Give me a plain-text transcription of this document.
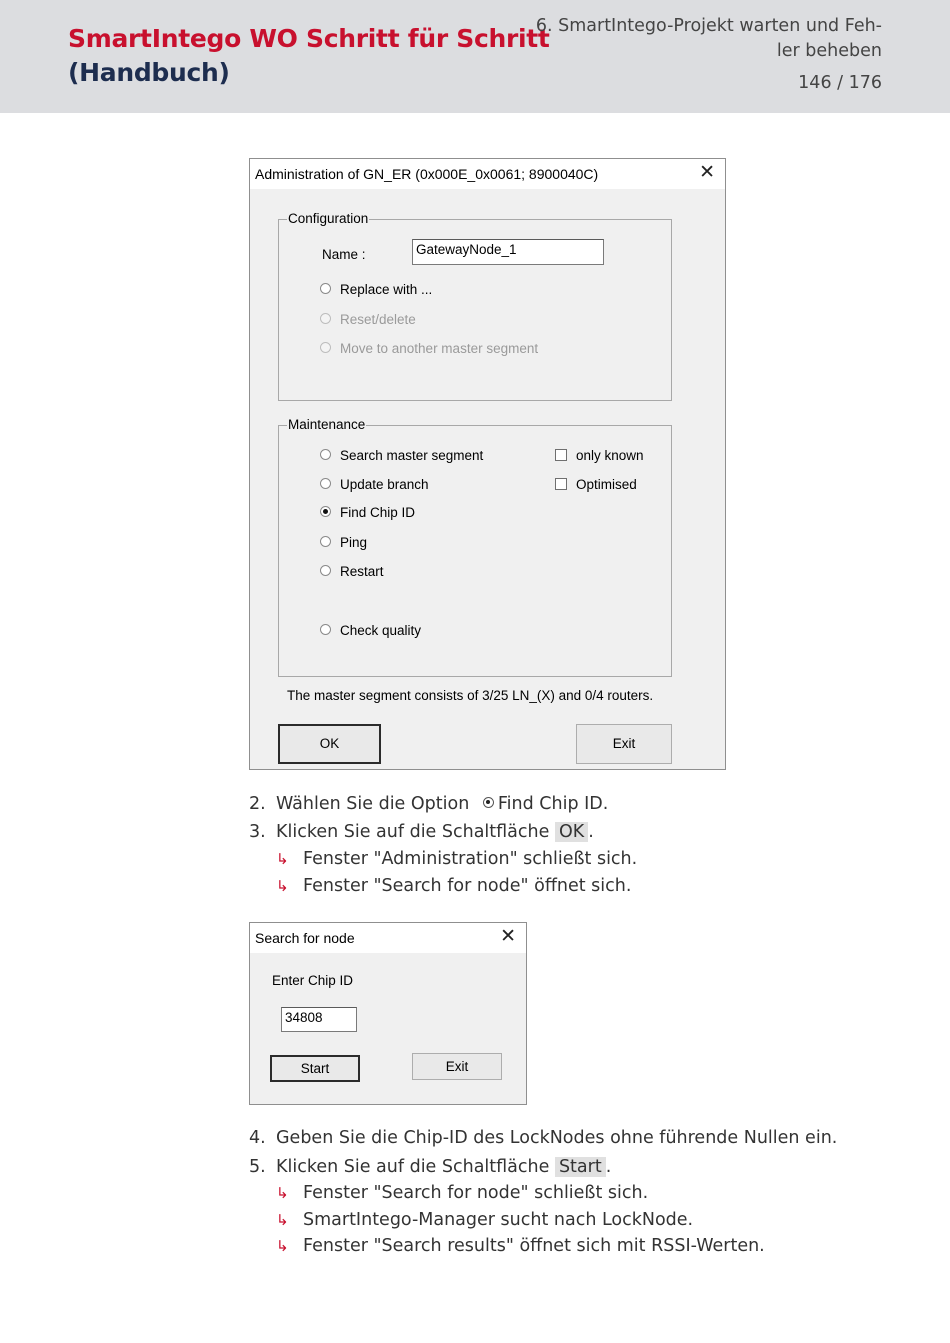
SmartIntego WO Schritt für Schritt
(Handbuch)
6. SmartIntego-Projekt warten und Feh-
ler beheben
146 / 176
Administration of GN_ER (0x000E_0x0061; 8900040C)	✕
Configuration
Name :	GatewayNode_1
Replace with ...
Reset/delete
Move to another master segment
Maintenance
Search master segment
Update branch
Find Chip ID
Ping
Restart
Check quality
only known
Optimised
The master segment consists of 3/25 LN_(X) and 0/4 routers.
OK	Exit
2. Wählen Sie die Option
Find Chip ID.
3. Klicken Sie auf die Schaltfläche OK .
↳ Fenster "Administration" schließt sich.
↳ Fenster "Search for node" öffnet sich.
Search for node	✕
Enter Chip ID
34808
Start	Exit
4. Geben Sie die Chip-ID des LockNodes ohne führende Nullen ein.
5. Klicken Sie auf die Schaltfläche Start .
↳ Fenster "Search for node" schließt sich.
↳ SmartIntego-Manager sucht nach LockNode.
↳ Fenster "Search results" öffnet sich mit RSSI-Werten.
